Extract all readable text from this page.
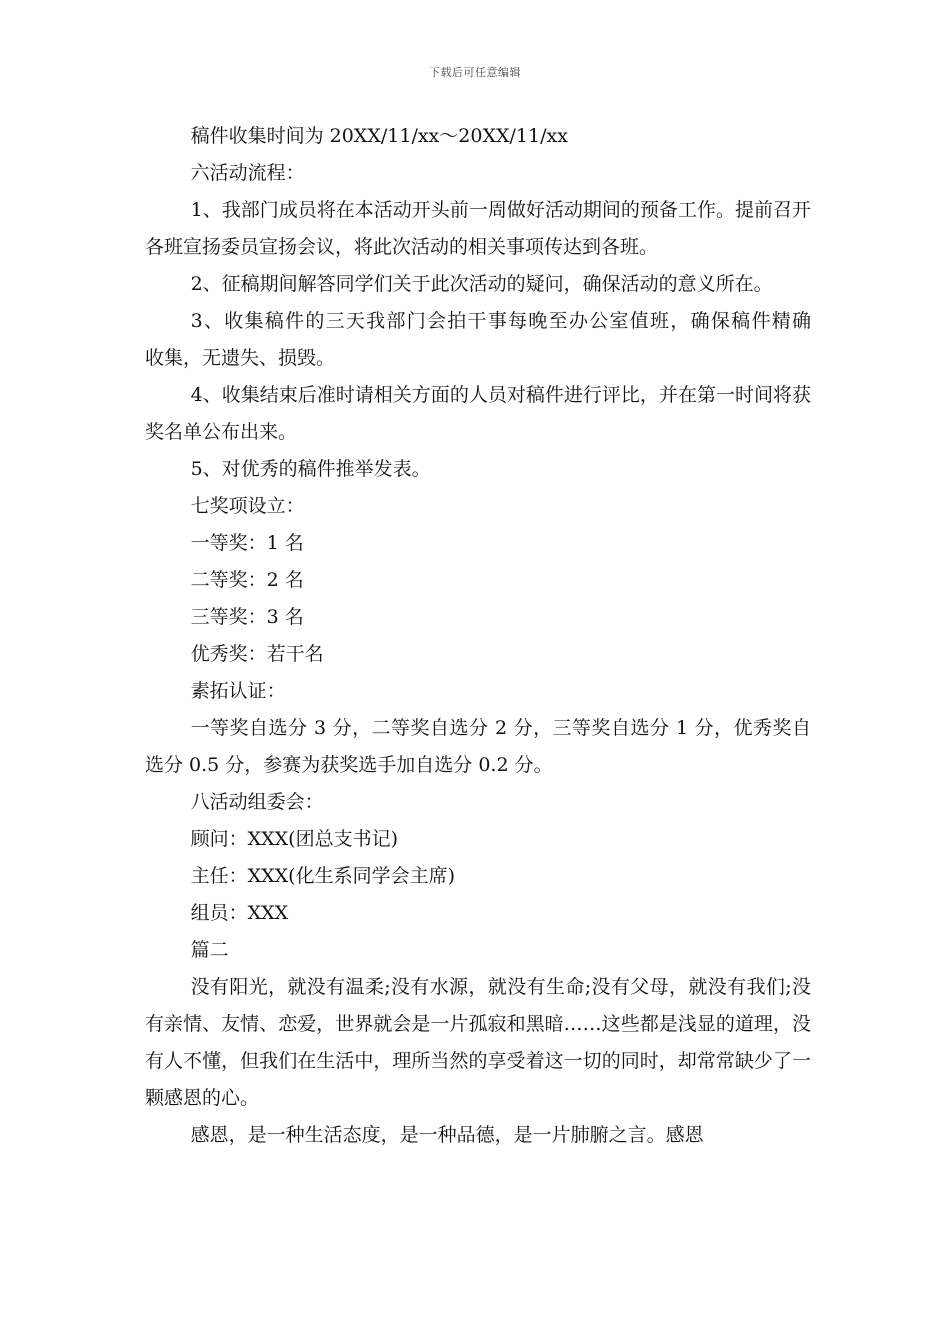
下载后可任意编辑

稿件收集时间为 20XX/11/xx～20XX/11/xx

六活动流程：

1、我部门成员将在本活动开头前一周做好活动期间的预备工作。提前召开各班宣扬委员宣扬会议，将此次活动的相关事项传达到各班。

2、征稿期间解答同学们关于此次活动的疑问，确保活动的意义所在。

3、收集稿件的三天我部门会拍干事每晚至办公室值班，确保稿件精确　 收集，无遗失、损毁。

4、收集结束后准时请相关方面的人员对稿件进行评比，并在第一时间将获奖名单公布出来。

5、对优秀的稿件推举发表。

七奖项设立：

一等奖：1 名

二等奖：2 名

三等奖：3 名

优秀奖：若干名

素拓认证：

一等奖自选分 3 分，二等奖自选分 2 分，三等奖自选分 1 分，优秀奖自选分 0.5 分，参赛为获奖选手加自选分 0.2 分。

八活动组委会：

顾问：XXX(团总支书记)

主任：XXX(化生系同学会主席)

组员：XXX

篇二

没有阳光，就没有温柔;没有水源，就没有生命;没有父母，就没有我们;没有亲情、友情、恋爱，世界就会是一片孤寂和黑暗……这些都是浅显的道理，没有人不懂，但我们在生活中，理所当然的享受着这一切的同时，却常常缺少了一颗感恩的心。

感恩，是一种生活态度，是一种品德，是一片肺腑之言。感恩
